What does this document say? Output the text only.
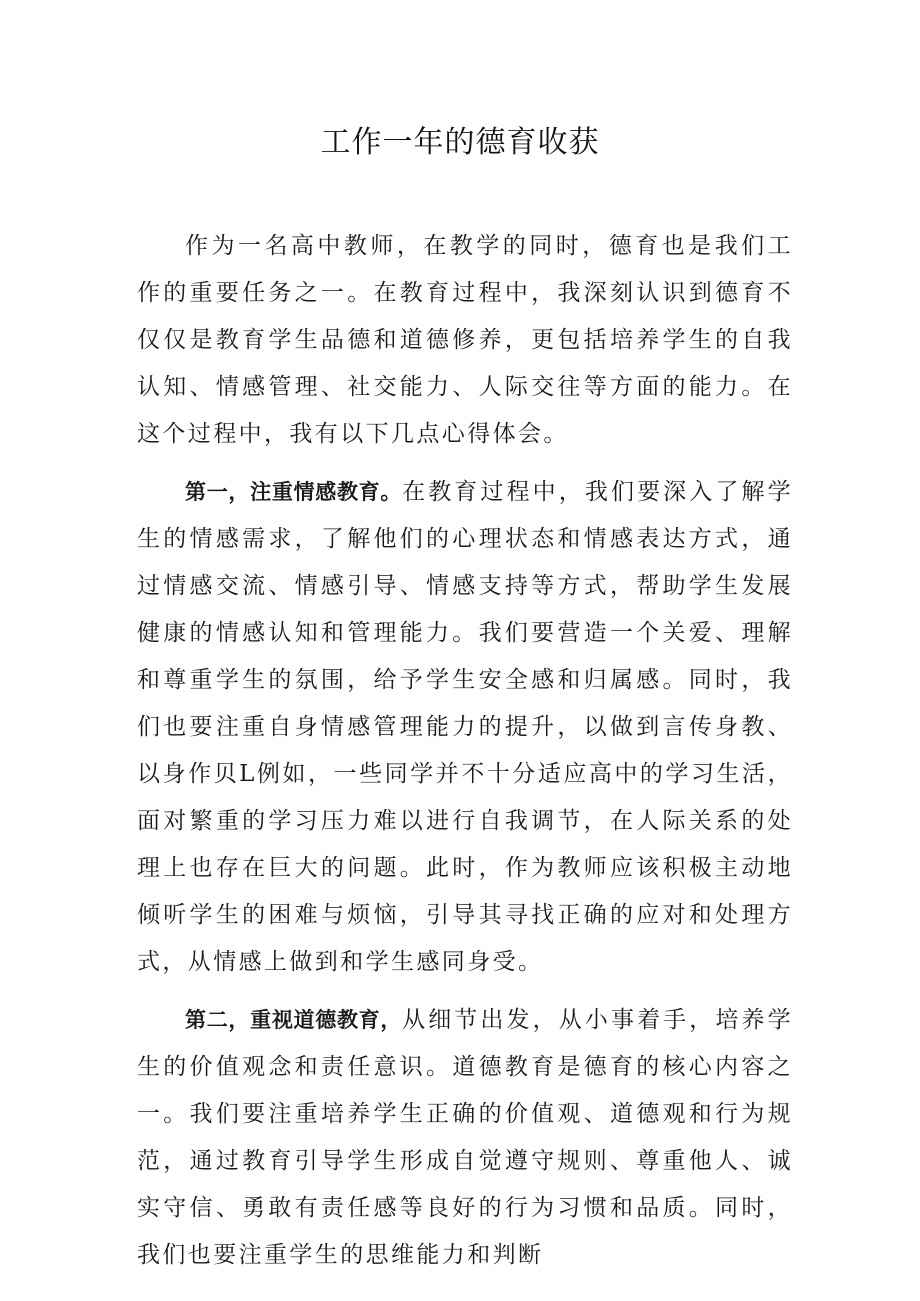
工作一年的德育收获

作为一名高中教师，在教学的同时，德育也是我们工作的重要任务之一。在教育过程中，我深刻认识到德育不仅仅是教育学生品德和道德修养，更包括培养学生的自我认知、情感管理、社交能力、人际交往等方面的能力。在这个过程中，我有以下几点心得体会。

第一，注重情感教育。在教育过程中，我们要深入了解学生的情感需求，了解他们的心理状态和情感表达方式，通过情感交流、情感引导、情感支持等方式，帮助学生发展健康的情感认知和管理能力。我们要营造一个关爱、理解和尊重学生的氛围，给予学生安全感和归属感。同时，我们也要注重自身情感管理能力的提升，以做到言传身教、以身作贝L例如，一些同学并不十分适应高中的学习生活，面对繁重的学习压力难以进行自我调节，在人际关系的处理上也存在巨大的问题。此时，作为教师应该积极主动地倾听学生的困难与烦恼，引导其寻找正确的应对和处理方式，从情感上做到和学生感同身受。

第二，重视道德教育，从细节出发，从小事着手，培养学生的价值观念和责任意识。道德教育是德育的核心内容之一。我们要注重培养学生正确的价值观、道德观和行为规范，通过教育引导学生形成自觉遵守规则、尊重他人、诚实守信、勇敢有责任感等良好的行为习惯和品质。同时，我们也要注重学生的思维能力和判断
